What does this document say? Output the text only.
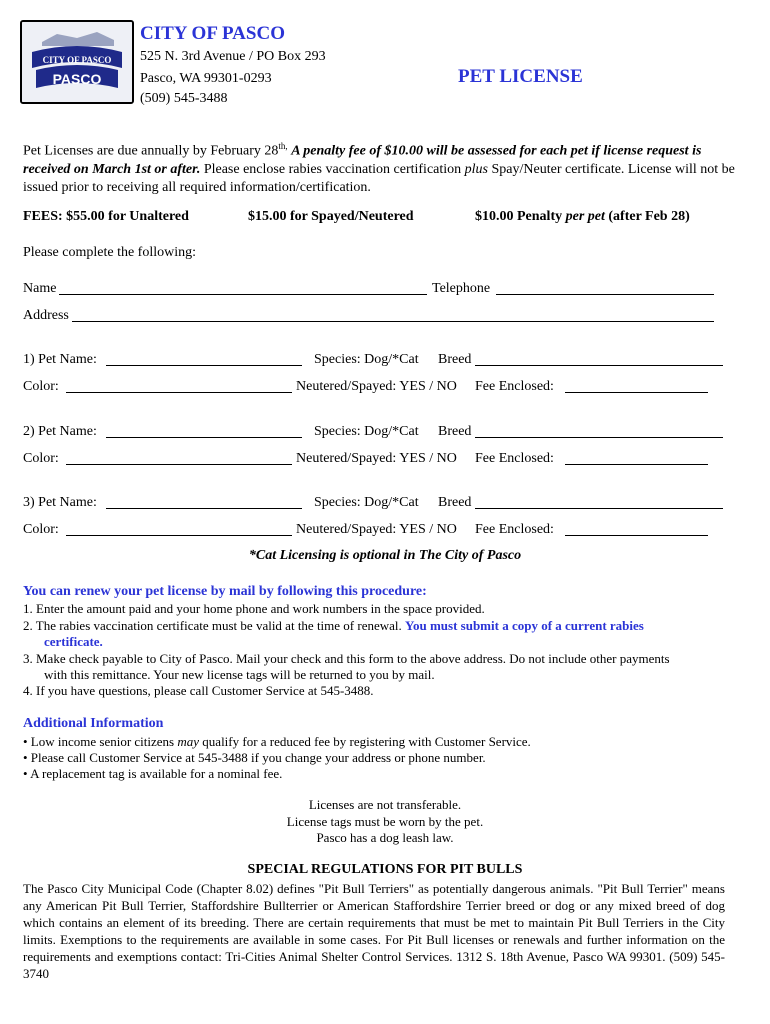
CITY OF PASCO
PASCO
CITY OF PASCO
525 N. 3rd Avenue / PO Box 293
Pasco, WA 99301-0293
(509) 545-3488
PET LICENSE
Pet Licenses are due annually by February $28^{th,}$ A penalty fee of $10.00 will be assessed for each pet if license request is received on March 1st or after. Please enclose rabies vaccination certification plus Spay/Neuter certificate. License will not be issued prior to receiving all required information/certification.
FEES: $55.00 for Unaltered	$15.00 for Spayed/Neutered	$10.00 Penalty per pet (after Feb 28)
Please complete the following:
Name	Telephone
Address
1) Pet Name:	Species: Dog/*Cat Breed
Color:	Neutered/Spayed: YES / NO Fee Enclosed:
2) Pet Name:	Species: Dog/*Cat Breed
Color:	Neutered/Spayed: YES / NO Fee Enclosed:
3) Pet Name:	Species: Dog/*Cat Breed
Color:	Neutered/Spayed: YES / NO Fee Enclosed:
*Cat Licensing is optional in The City of Pasco
You can renew your pet license by mail by following this procedure:
1. Enter the amount paid and your home phone and work numbers in the space provided.
2. The rabies vaccination certificate must be valid at the time of renewal. You must submit a copy of a current rabies
certificate.
3. Make check payable to City of Pasco. Mail your check and this form to the above address. Do not include other payments
with this remittance. Your new license tags will be returned to you by mail.
4. If you have questions, please call Customer Service at 545-3488.
Additional Information
• Low income senior citizens may qualify for a reduced fee by registering with Customer Service.
• Please call Customer Service at 545-3488 if you change your address or phone number.
• A replacement tag is available for a nominal fee.
Licenses are not transferable.
License tags must be worn by the pet.
Pasco has a dog leash law.
SPECIAL REGULATIONS FOR PIT BULLS
The Pasco City Municipal Code (Chapter 8.02) defines "Pit Bull Terriers" as potentially dangerous animals. "Pit Bull Terrier" means any American Pit Bull Terrier, Staffordshire Bullterrier or American Staffordshire Terrier breed or dog or any mixed breed of dog which contains an element of its breeding. There are certain requirements that must be met to maintain Pit Bull Terriers in the City limits. Exemptions to the requirements are available in some cases. For Pit Bull licenses or renewals and further information on the requirements and exemptions contact: Tri-Cities Animal Shelter Control Services. 1312 S. 18th Avenue, Pasco WA 99301. (509) 545-3740
